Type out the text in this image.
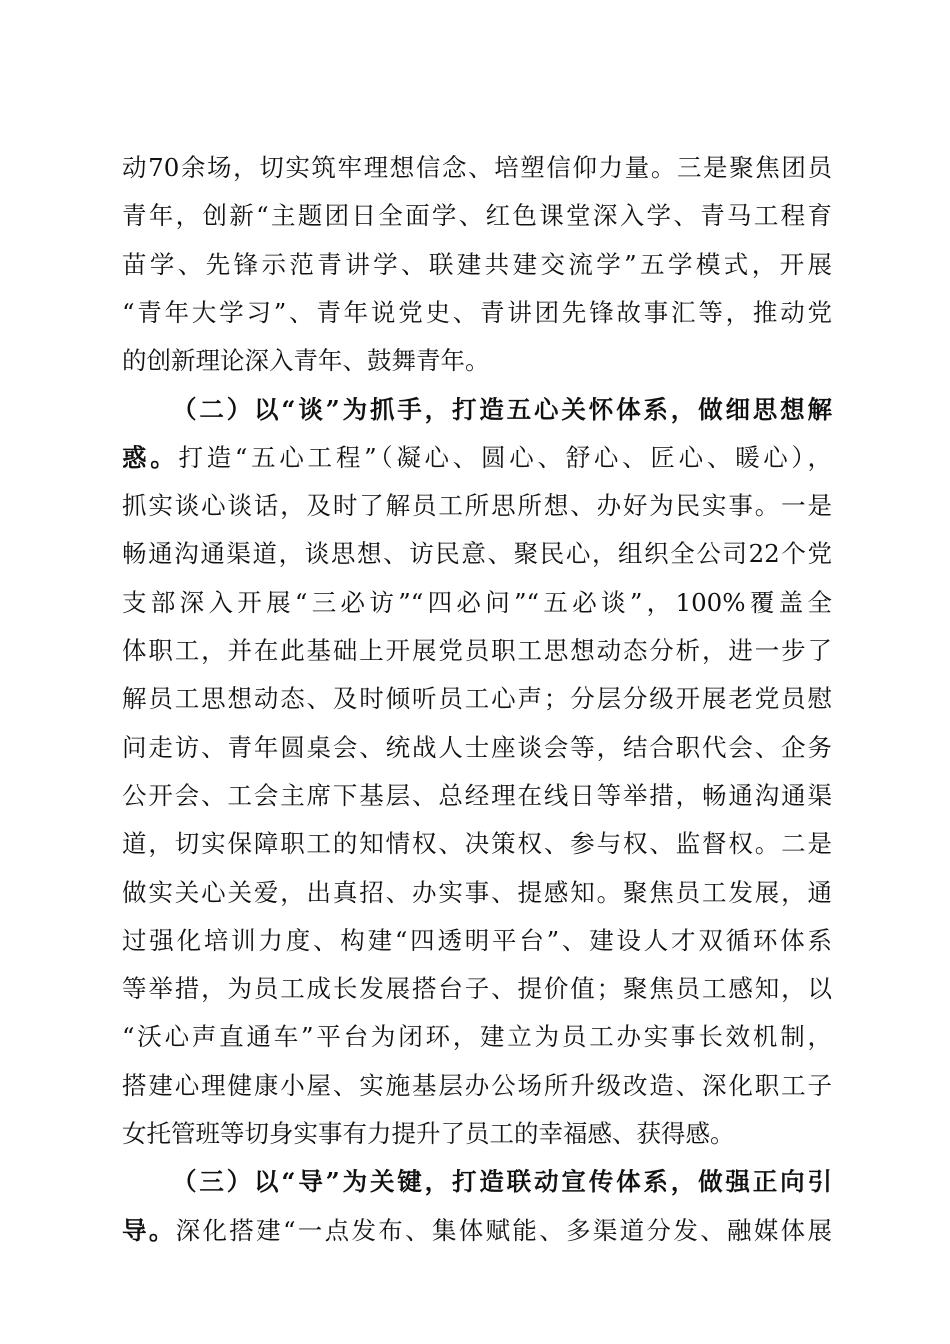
动70余场，切实筑牢理想信念、培塑信仰力量。三是聚焦团员
青年，创新“主题团日全面学、红色课堂深入学、青马工程育
苗学、先锋示范青讲学、联建共建交流学”五学模式，开展
“青年大学习”、青年说党史、青讲团先锋故事汇等，推动党
的创新理论深入青年、鼓舞青年。
（二）以“谈”为抓手，打造五心关怀体系，做细思想解
惑。打造“五心工程”（凝心、圆心、舒心、匠心、暖心），
抓实谈心谈话，及时了解员工所思所想、办好为民实事。一是
畅通沟通渠道，谈思想、访民意、聚民心，组织全公司22个党
支部深入开展“三必访”“四必问”“五必谈”，100%覆盖全
体职工，并在此基础上开展党员职工思想动态分析，进一步了
解员工思想动态、及时倾听员工心声；分层分级开展老党员慰
问走访、青年圆桌会、统战人士座谈会等，结合职代会、企务
公开会、工会主席下基层、总经理在线日等举措，畅通沟通渠
道，切实保障职工的知情权、决策权、参与权、监督权。二是
做实关心关爱，出真招、办实事、提感知。聚焦员工发展，通
过强化培训力度、构建“四透明平台”、建设人才双循环体系
等举措，为员工成长发展搭台子、提价值；聚焦员工感知，以
“沃心声直通车”平台为闭环，建立为员工办实事长效机制，
搭建心理健康小屋、实施基层办公场所升级改造、深化职工子
女托管班等切身实事有力提升了员工的幸福感、获得感。
（三）以“导”为关键，打造联动宣传体系，做强正向引
导。深化搭建“一点发布、集体赋能、多渠道分发、融媒体展
